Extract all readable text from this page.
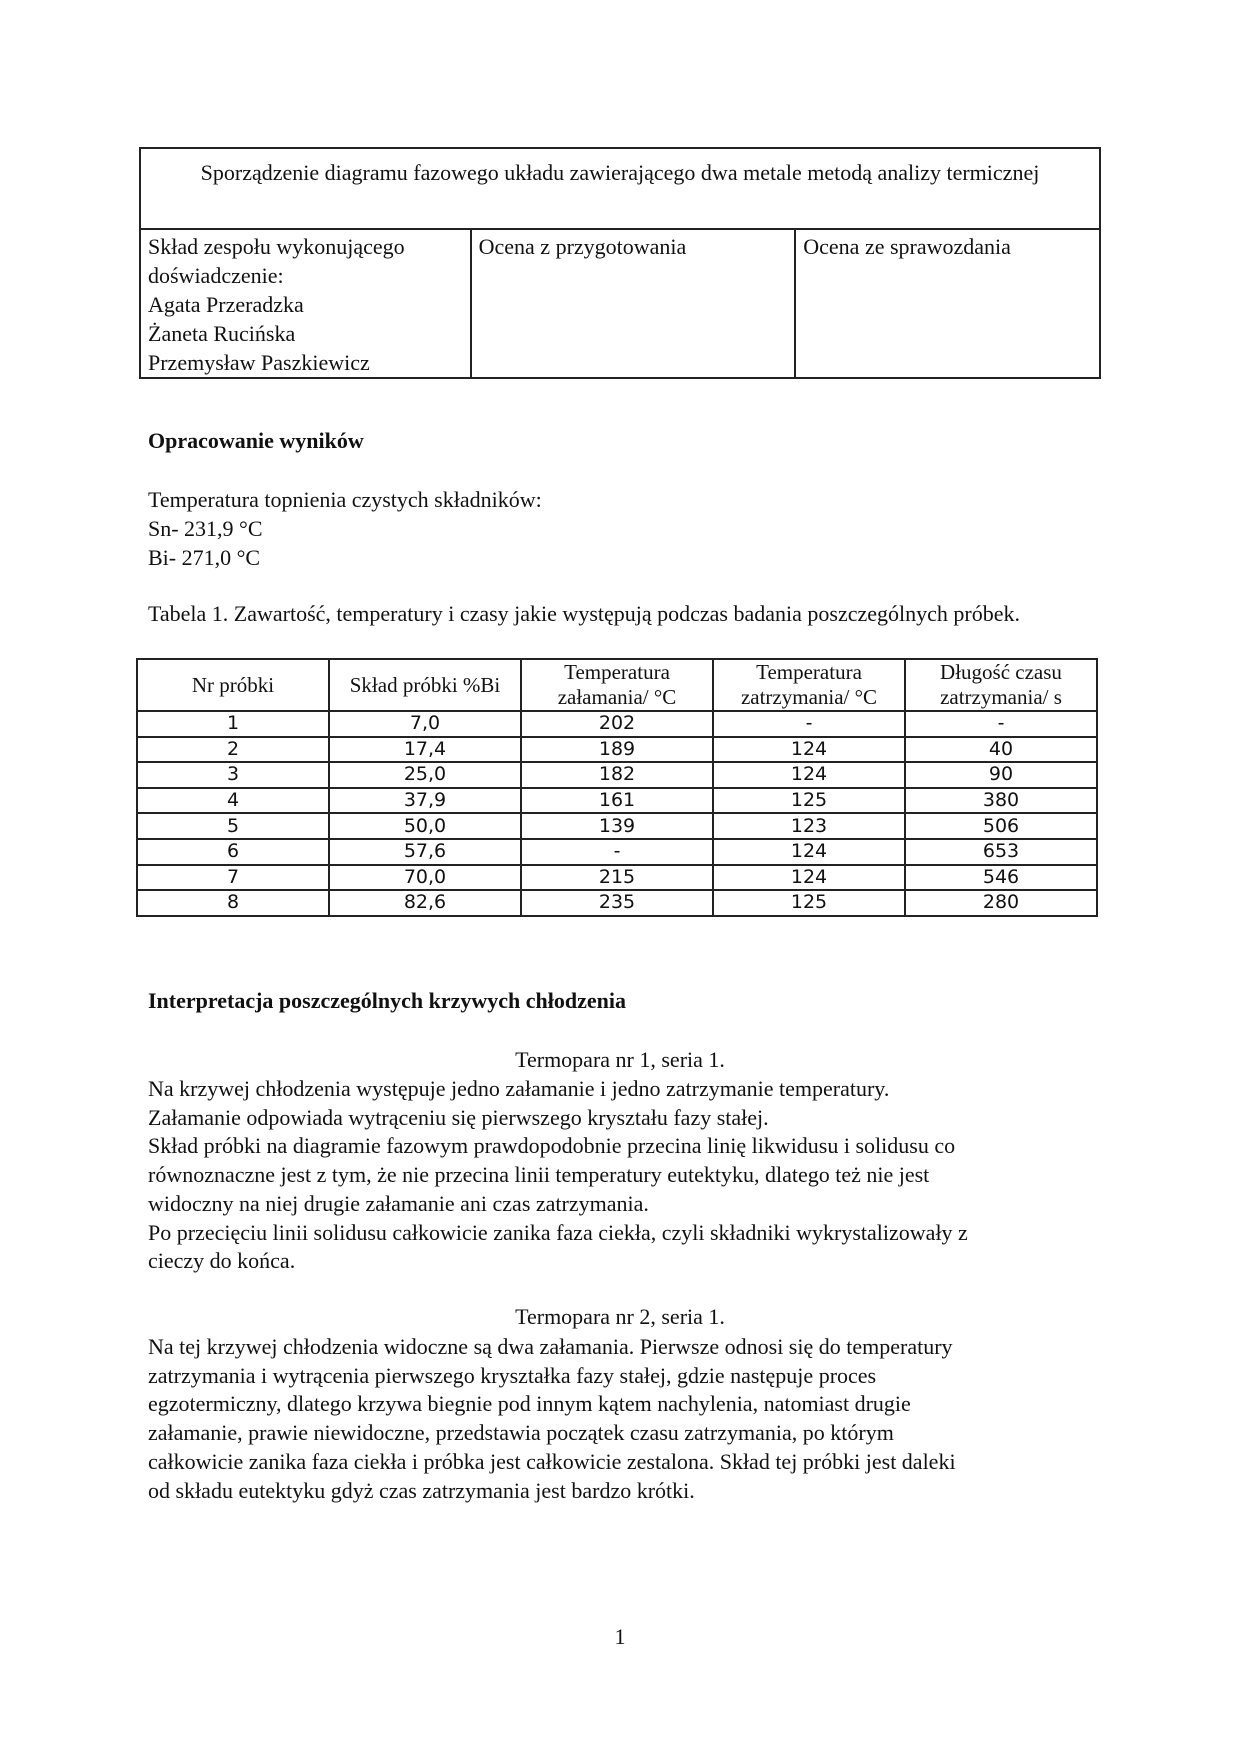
Sporządzenie diagramu fazowego układu zawierającego dwa metale metodą analizy termicznej

Skład zespołu wykonującego doświadczenie:
Agata Przeradzka
Żaneta Rucińska
Przemysław Paszkiewicz
	Ocena z przygotowania	Ocena ze sprawozdania
Opracowanie wyników
Temperatura topnienia czystych składników:
Sn- 231,9 °C
Bi- 271,0 °C
Tabela 1. Zawartość, temperatury i czasy jakie występują podczas badania poszczególnych próbek.
Nr próbki	Skład próbki %Bi	Temperatura załamania/ °C	Temperatura zatrzymania/ °C	Długość czasu zatrzymania/ s
1	7,0	202	-	-
2	17,4	189	124	40
3	25,0	182	124	90
4	37,9	161	125	380
5	50,0	139	123	506
6	57,6	-	124	653
7	70,0	215	124	546
8	82,6	235	125	280
Interpretacja poszczególnych krzywych chłodzenia
Termopara nr 1, seria 1.
Na krzywej chłodzenia występuje jedno załamanie i jedno zatrzymanie temperatury.
Załamanie odpowiada wytrąceniu się pierwszego kryształu fazy stałej.
Skład próbki na diagramie fazowym prawdopodobnie przecina linię likwidusu i solidusu co
równoznaczne jest z tym, że nie przecina linii temperatury eutektyku, dlatego też nie jest
widoczny na niej drugie załamanie ani czas zatrzymania.
Po przecięciu linii solidusu całkowicie zanika faza ciekła, czyli składniki wykrystalizowały z
cieczy do końca.
Termopara nr 2, seria 1.
Na tej krzywej chłodzenia widoczne są dwa załamania. Pierwsze odnosi się do temperatury
zatrzymania i wytrącenia pierwszego kryształka fazy stałej, gdzie następuje proces
egzotermiczny, dlatego krzywa biegnie pod innym kątem nachylenia, natomiast drugie
załamanie, prawie niewidoczne, przedstawia początek czasu zatrzymania, po którym
całkowicie zanika faza ciekła i próbka jest całkowicie zestalona. Skład tej próbki jest daleki
od składu eutektyku gdyż czas zatrzymania jest bardzo krótki.
1
